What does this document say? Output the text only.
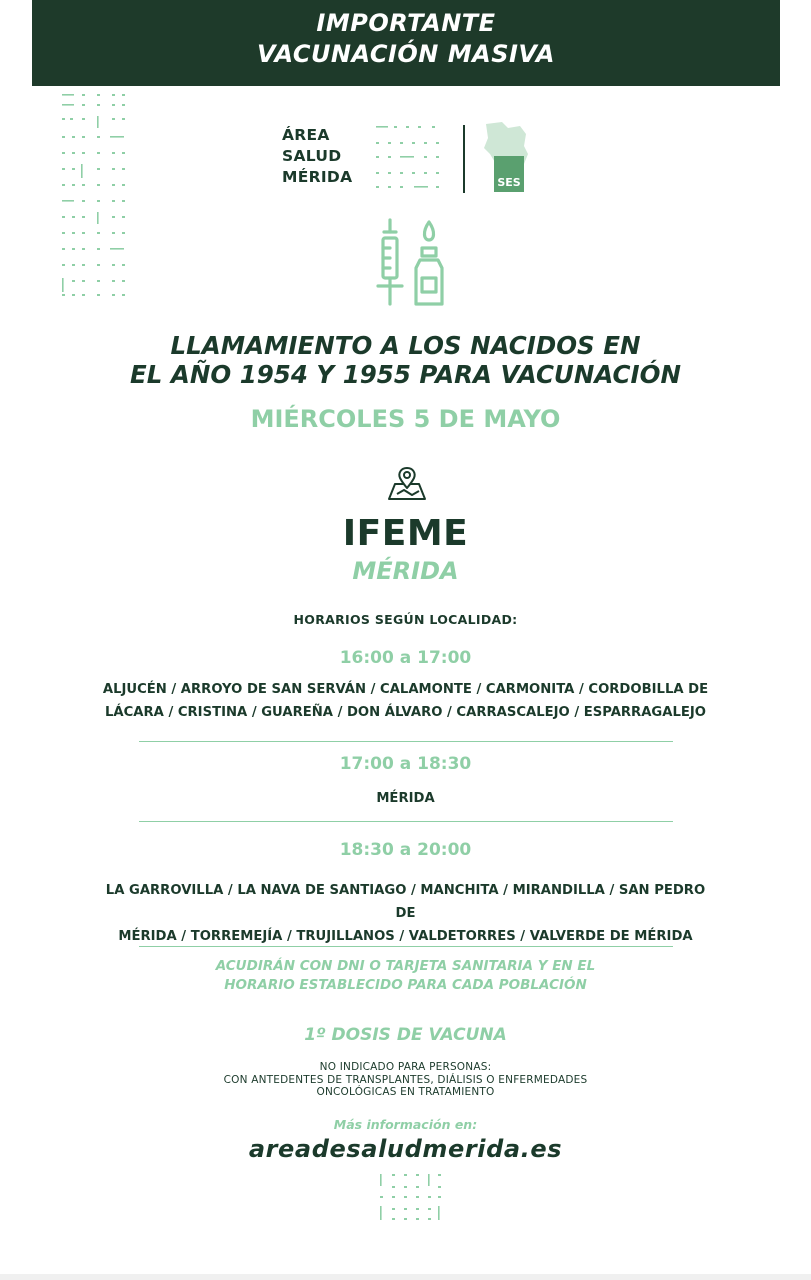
IMPORTANTE
VACUNACIÓN MASIVA
ÁREA
SALUD
MÉRIDA	SES
LLAMAMIENTO A LOS NACIDOS EN
EL AÑO 1954 Y 1955 PARA VACUNACIÓN
MIÉRCOLES 5 DE MAYO
IFEME
MÉRIDA
HORARIOS SEGÚN LOCALIDAD:
16:00 a 17:00
ALJUCÉN / ARROYO DE SAN SERVÁN / CALAMONTE / CARMONITA / CORDOBILLA DE
LÁCARA / CRISTINA / GUAREÑA / DON ÁLVARO / CARRASCALEJO / ESPARRAGALEJO
17:00 a 18:30
MÉRIDA
18:30 a 20:00
LA GARROVILLA / LA NAVA DE SANTIAGO / MANCHITA / MIRANDILLA / SAN PEDRO DE
MÉRIDA / TORREMEJÍA / TRUJILLANOS / VALDETORRES / VALVERDE DE MÉRIDA
ACUDIRÁN CON DNI O TARJETA SANITARIA Y EN EL
HORARIO ESTABLECIDO PARA CADA POBLACIÓN
1º DOSIS DE VACUNA
NO INDICADO PARA PERSONAS:
CON ANTEDENTES DE TRANSPLANTES, DIÁLISIS O ENFERMEDADES
ONCOLÓGICAS EN TRATAMIENTO
Más información en:
areadesaludmerida.es
